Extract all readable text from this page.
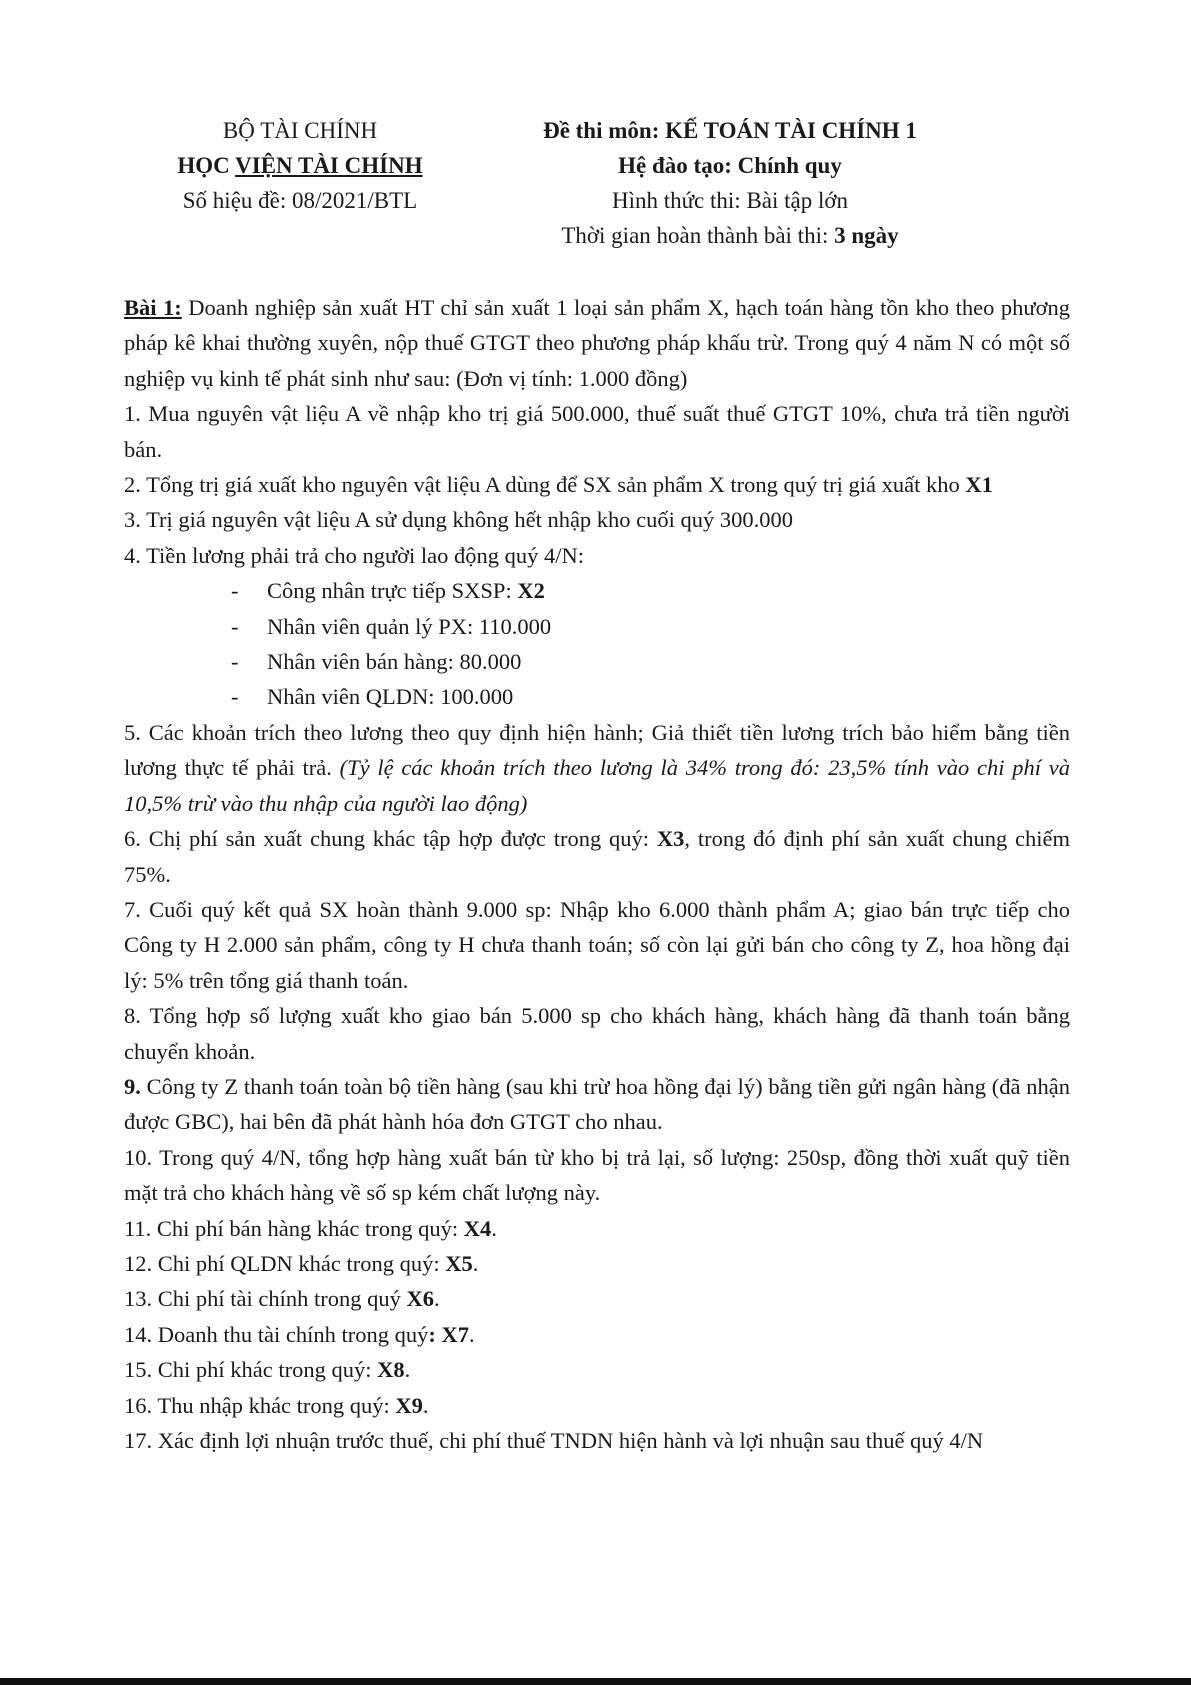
BỘ TÀI CHÍNH
HỌC VIỆN TÀI CHÍNH
Số hiệu đề: 08/2021/BTL
Đề thi môn: KẾ TOÁN TÀI CHÍNH 1
Hệ đào tạo: Chính quy
Hình thức thi: Bài tập lớn
Thời gian hoàn thành bài thi: 3 ngày

Bài 1: Doanh nghiệp sản xuất HT chỉ sản xuất 1 loại sản phẩm X, hạch toán hàng tồn kho theo phương pháp kê khai thường xuyên, nộp thuế GTGT theo phương pháp khấu trừ. Trong quý 4 năm N có một số nghiệp vụ kinh tế phát sinh như sau: (Đơn vị tính: 1.000 đồng)

1. Mua nguyên vật liệu A về nhập kho trị giá 500.000, thuế suất thuế GTGT 10%, chưa trả tiền người bán.

2. Tổng trị giá xuất kho nguyên vật liệu A dùng để SX sản phẩm X trong quý trị giá xuất kho X1

3. Trị giá nguyên vật liệu A sử dụng không hết nhập kho cuối quý 300.000

4. Tiền lương phải trả cho người lao động quý 4/N:

- Công nhân trực tiếp SXSP: X2

- Nhân viên quản lý PX: 110.000

- Nhân viên bán hàng: 80.000

- Nhân viên QLDN: 100.000

5. Các khoản trích theo lương theo quy định hiện hành; Giả thiết tiền lương trích bảo hiểm bằng tiền lương thực tế phải trả. (Tỷ lệ các khoản trích theo lương là 34% trong đó: 23,5% tính vào chi phí và 10,5% trừ vào thu nhập của người lao động)

6. Chị phí sản xuất chung khác tập hợp được trong quý: X3, trong đó định phí sản xuất chung chiếm 75%.

7. Cuối quý kết quả SX hoàn thành 9.000 sp: Nhập kho 6.000 thành phẩm A; giao bán trực tiếp cho Công ty H 2.000 sản phẩm, công ty H chưa thanh toán; số còn lại gửi bán cho công ty Z, hoa hồng đại lý: 5% trên tổng giá thanh toán.

8. Tổng hợp số lượng xuất kho giao bán 5.000 sp cho khách hàng, khách hàng đã thanh toán bằng chuyển khoản.

9. Công ty Z thanh toán toàn bộ tiền hàng (sau khi trừ hoa hồng đại lý) bằng tiền gửi ngân hàng (đã nhận được GBC), hai bên đã phát hành hóa đơn GTGT cho nhau.

10. Trong quý 4/N, tổng hợp hàng xuất bán từ kho bị trả lại, số lượng: 250sp, đồng thời xuất quỹ tiền mặt trả cho khách hàng về số sp kém chất lượng này.

11. Chi phí bán hàng khác trong quý: X4.

12. Chi phí QLDN khác trong quý: X5.

13. Chi phí tài chính trong quý X6.

14. Doanh thu tài chính trong quý: X7.

15. Chi phí khác trong quý: X8.

16. Thu nhập khác trong quý: X9.

17. Xác định lợi nhuận trước thuế, chi phí thuế TNDN hiện hành và lợi nhuận sau thuế quý 4/N
